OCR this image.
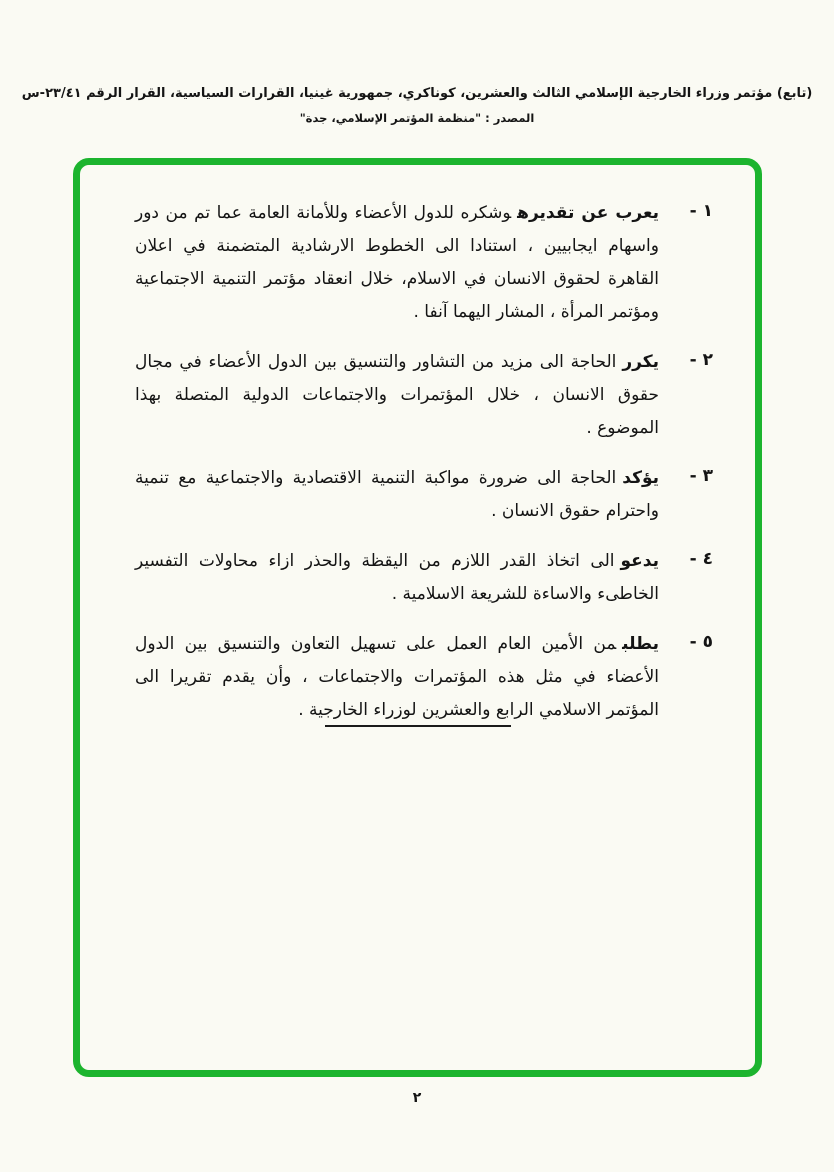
(تابع) مؤتمر وزراء الخارجية الإسلامي الثالث والعشرين، كوناكري، جمهورية غينيا، القرارات السياسية، القرار الرقم ٢٣/٤١-س
المصدر : "منظمة المؤتمر الإسلامي، جدة"
١ -

يعرب عن تقديرهوشكره للدول الأعضاء وللأمانة العامة عما تم من دور واسهام ايجابيين ، استنادا الى الخطوط الارشادية المتضمنة في اعلان القاهرة لحقوق الانسان في الاسلام، خلال انعقاد مؤتمر التنمية الاجتماعية ومؤتمر المرأة ، المشار اليهما آنفا .

٢ -

يكررالحاجة الى مزيد من التشاور والتنسيق بين الدول الأعضاء في مجال حقوق الانسان ، خلال المؤتمرات والاجتماعات الدولية المتصلة بهذا الموضوع .

٣ -

يؤكدالحاجة الى ضرورة مواكبة التنمية الاقتصادية والاجتماعية مع تنمية واحترام حقوق الانسان .

٤ -

يدعوالى اتخاذ القدر اللازم من اليقظة والحذر ازاء محاولات التفسير الخاطىء والاساءة للشريعة الاسلامية .

٥ -

يطلبمن الأمين العام العمل على تسهيل التعاون والتنسيق بين الدول الأعضاء في مثل هذه المؤتمرات والاجتماعات ، وأن يقدم تقريرا الى المؤتمر الاسلامي الرابع والعشرين لوزراء الخارجية .

٢
